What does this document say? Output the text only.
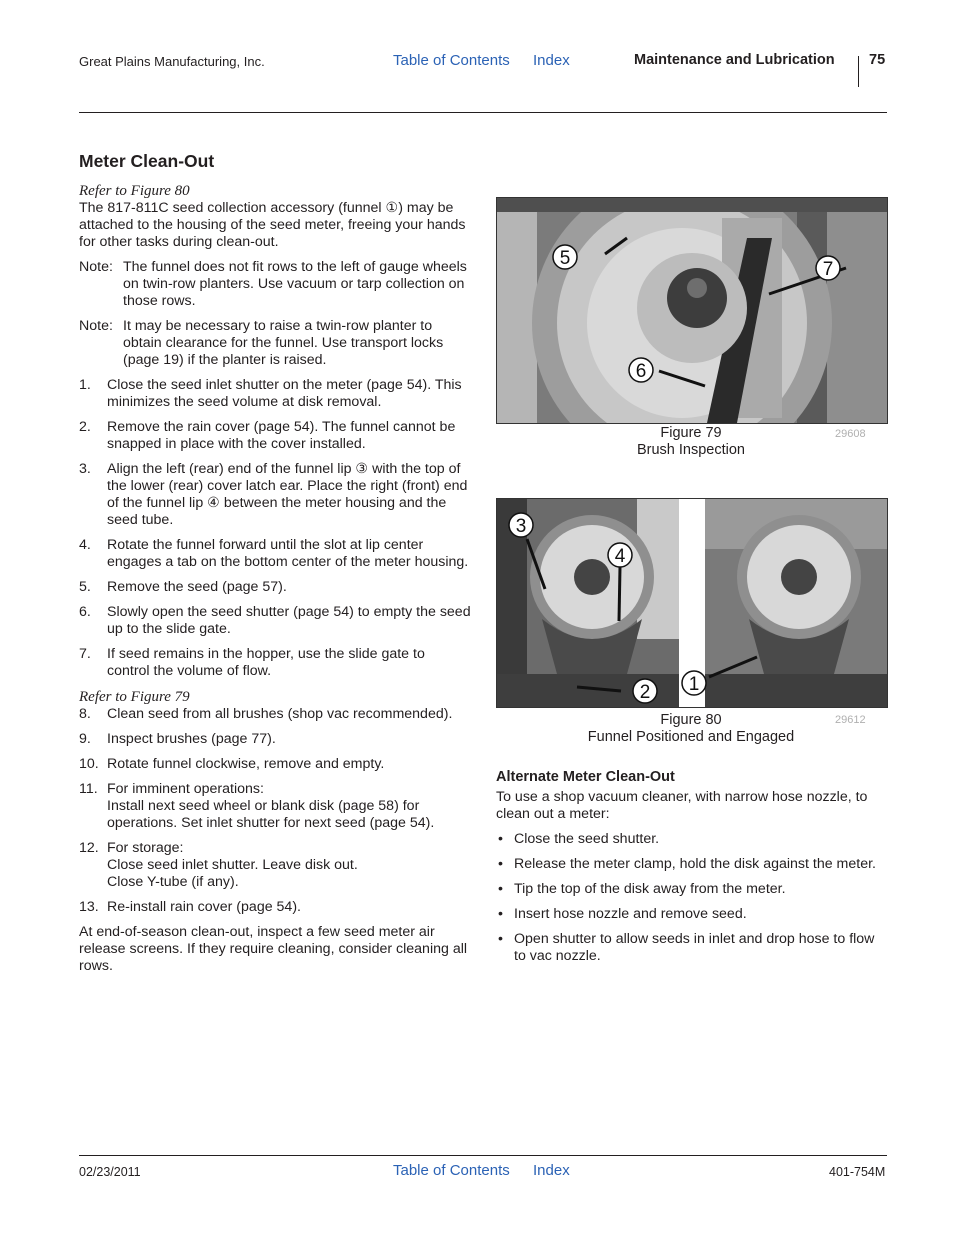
Great Plains Manufacturing, Inc.	Table of Contents Index	Maintenance and Lubrication 75
Meter Clean-Out
Refer to Figure 80

The 817-811C seed collection accessory (funnel ①) may be attached to the housing of the seed meter, freeing your hands for other tasks during clean-out.

Note: The funnel does not fit rows to the left of gauge wheels on twin-row planters. Use vacuum or tarp collection on those rows.
Note: It may be necessary to raise a twin-row planter to obtain clearance for the funnel. Use transport locks (page 19) if the planter is raised.
1.	Close the seed inlet shutter on the meter (page 54). This minimizes the seed volume at disk removal.
2.	Remove the rain cover (page 54). The funnel cannot be snapped in place with the cover installed.
3.	Align the left (rear) end of the funnel lip ③ with the top of the lower (rear) cover latch ear. Place the right (front) end of the funnel lip ④ between the meter housing and the seed tube.
4.	Rotate the funnel forward until the slot at lip center engages a tab on the bottom center of the meter housing.
5.	Remove the seed (page 57).
6.	Slowly open the seed shutter (page 54) to empty the seed up to the slide gate.
7.	If seed remains in the hopper, use the slide gate to control the volume of flow.
Refer to Figure 79
8.	Clean seed from all brushes (shop vac recommended).
9.	Inspect brushes (page 77).
10. Rotate funnel clockwise, remove and empty.
11. For imminent operations:
Install next seed wheel or blank disk (page 58) for operations. Set inlet shutter for next seed (page 54).
12. For storage:
Close seed inlet shutter. Leave disk out.
Close Y-tube (if any).
13. Re-install rain cover (page 54).

At end-of-season clean-out, inspect a few seed meter air release screens. If they require cleaning, consider cleaning all rows.

5
7
6
Figure 79
Brush Inspection
29608
3
4
2 1
Figure 80
Funnel Positioned and Engaged
29612
Alternate Meter Clean-Out

To use a shop vacuum cleaner, with narrow hose nozzle, to clean out a meter:

• Close the seed shutter.
• Release the meter clamp, hold the disk against the meter.
• Tip the top of the disk away from the meter.
• Insert hose nozzle and remove seed.
• Open shutter to allow seeds in inlet and drop hose to flow to vac nozzle.
02/23/2011	Table of Contents Index	401-754M
